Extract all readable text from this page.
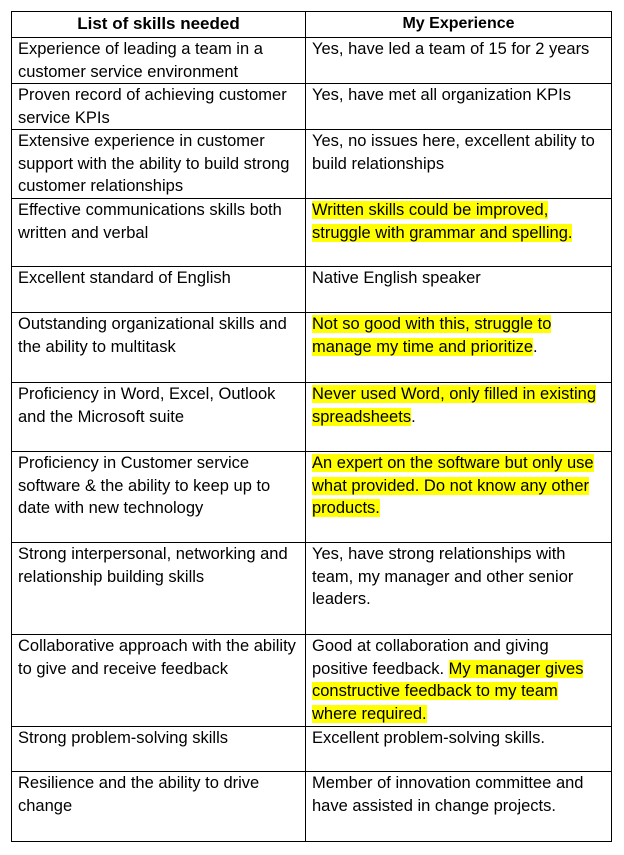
List of skills needed	My Experience
Experience of leading a team in a customer service environment	Yes, have led a team of 15 for 2 years
Proven record of achieving customer service KPIs	Yes, have met all organization KPIs
Extensive experience in customer support with the ability to build strong customer relationships	Yes, no issues here, excellent ability to build relationships
Effective communications skills both written and verbal	Written skills could be improved, struggle with grammar and spelling.
Excellent standard of English	Native English speaker
Outstanding organizational skills and the ability to multitask	Not so good with this, struggle to manage my time and prioritize.
Proficiency in Word, Excel, Outlook and the Microsoft suite	Never used Word, only filled in existing spreadsheets.
Proficiency in Customer service software & the ability to keep up to date with new technology	An expert on the software but only use what provided. Do not know any other products.
Strong interpersonal, networking and relationship building skills	Yes, have strong relationships with team, my manager and other senior leaders.
Collaborative approach with the ability to give and receive feedback	Good at collaboration and giving positive feedback. My manager gives constructive feedback to my team where required.
Strong problem-solving skills	Excellent problem-solving skills.
Resilience and the ability to drive change	Member of innovation committee and have assisted in change projects.
